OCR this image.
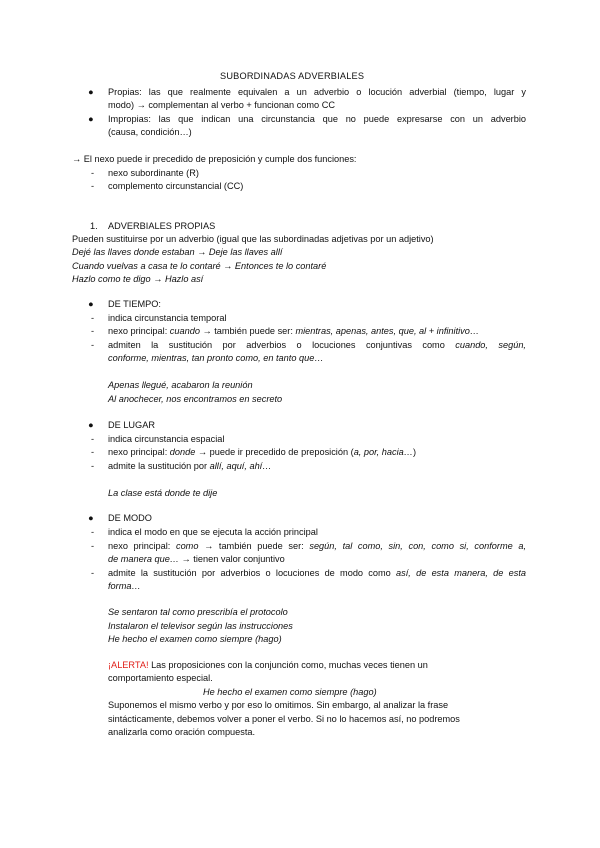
SUBORDINADAS ADVERBIALES
● Propias: las que realmente equivalen a un adverbio o locución adverbial (tiempo, lugar y
modo) → complementan al verbo + funcionan como CC
● Impropias: las que indican una circunstancia que no puede expresarse con un adverbio
(causa, condición…)
→ El nexo puede ir precedido de preposición y cumple dos funciones:
- nexo subordinante (R)
- complemento circunstancial (CC)
1. ADVERBIALES PROPIAS
Pueden sustituirse por un adverbio (igual que las subordinadas adjetivas por un adjetivo)
Dejé las llaves donde estaban → Deje las llaves allí
Cuando vuelvas a casa te lo contaré → Entonces te lo contaré
Hazlo como te digo → Hazlo así
● DE TIEMPO:
- indica circunstancia temporal
- nexo principal: cuando → también puede ser: mientras, apenas, antes, que, al + infinitivo…
- admiten la sustitución por adverbios o locuciones conjuntivas como cuando, según,
conforme, mientras, tan pronto como, en tanto que…
Apenas llegué, acabaron la reunión
Al anochecer, nos encontramos en secreto
● DE LUGAR
- indica circunstancia espacial
- nexo principal: donde → puede ir precedido de preposición (a, por, hacia…)
- admite la sustitución por allí, aquí, ahí…
La clase está donde te dije
● DE MODO
- indica el modo en que se ejecuta la acción principal
- nexo principal: como → también puede ser: según, tal como, sin, con, como si, conforme a,
de manera que… → tienen valor conjuntivo
- admite la sustitución por adverbios o locuciones de modo como así, de esta manera, de esta
forma…
Se sentaron tal como prescribía el protocolo
Instalaron el televisor según las instrucciones
He hecho el examen como siempre (hago)
¡ALERTA! Las proposiciones con la conjunción como, muchas veces tienen un
comportamiento especial.
He hecho el examen como siempre (hago)
Suponemos el mismo verbo y por eso lo omitimos. Sin embargo, al analizar la frase
sintácticamente, debemos volver a poner el verbo. Si no lo hacemos así, no podremos
analizarla como oración compuesta.
